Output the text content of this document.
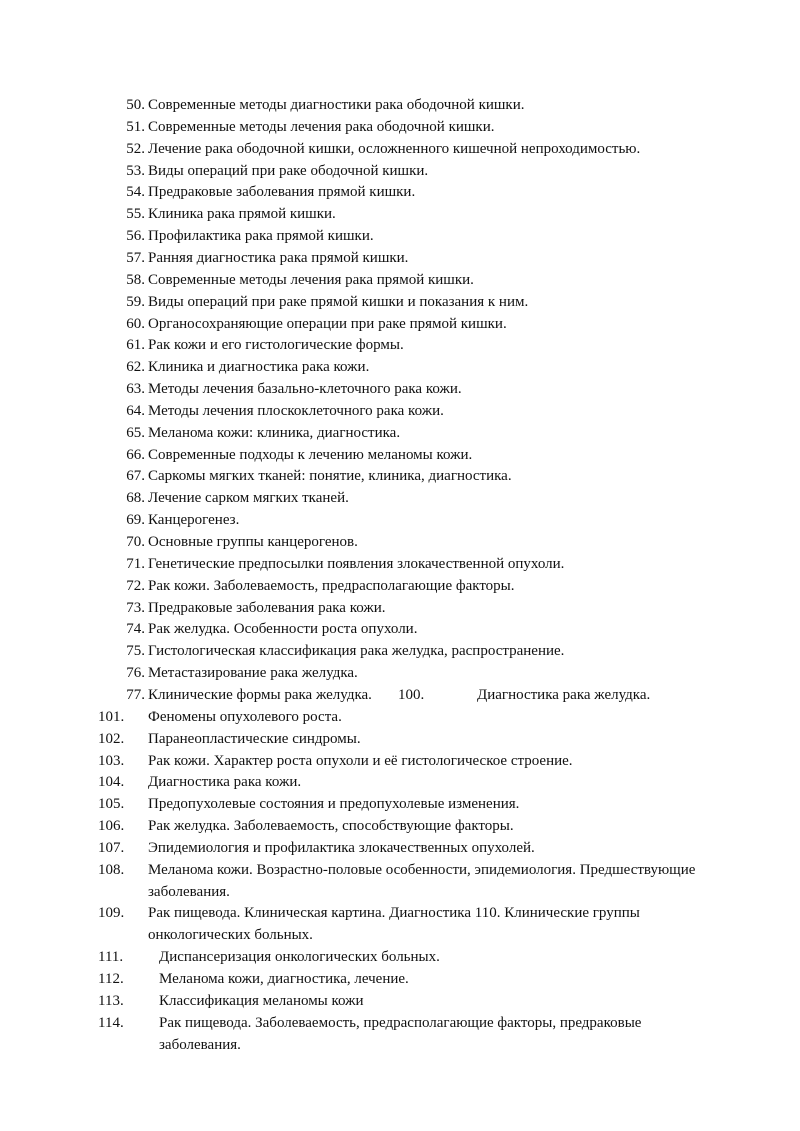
50. Современные методы диагностики рака ободочной кишки.
51. Современные методы лечения рака ободочной кишки.
52. Лечение рака ободочной кишки, осложненного кишечной непроходимостью.
53. Виды операций при раке ободочной кишки.
54. Предраковые заболевания прямой кишки.
55. Клиника рака прямой кишки.
56. Профилактика рака прямой кишки.
57. Ранняя диагностика рака прямой кишки.
58. Современные методы лечения рака прямой кишки.
59. Виды операций при раке прямой кишки и показания к ним.
60. Органосохраняющие операции при раке прямой кишки.
61. Рак кожи и его гистологические формы.
62. Клиника и диагностика рака кожи.
63. Методы лечения базально-клеточного рака кожи.
64. Методы лечения плоскоклеточного рака кожи.
65. Меланома кожи: клиника, диагностика.
66. Современные подходы к лечению меланомы кожи.
67. Саркомы мягких тканей: понятие, клиника, диагностика.
68. Лечение сарком мягких тканей.
69. Канцерогенез.
70. Основные группы канцерогенов.
71. Генетические предпосылки появления злокачественной опухоли.
72. Рак кожи. Заболеваемость, предрасполагающие факторы.
73. Предраковые заболевания рака кожи.
74. Рак желудка. Особенности роста опухоли.
75. Гистологическая классификация рака желудка, распространение.
76. Метастазирование рака желудка.
77. Клинические формы рака желудка. 100.	Диагностика рака желудка.
101. Феномены опухолевого роста.
102. Паранеопластические синдромы.
103. Рак кожи. Характер роста опухоли и её гистологическое строение.
104. Диагностика рака кожи.
105. Предопухолевые состояния и предопухолевые изменения.
106. Рак желудка. Заболеваемость, способствующие факторы.
107. Эпидемиология и профилактика злокачественных опухолей.
108. Меланома кожи. Возрастно-половые особенности, эпидемиология. Предшествующие
заболевания.
109. Рак пищевода. Клиническая картина. Диагностика 110. Клинические группы
онкологических больных.
111. Диспансеризация онкологических больных.
112. Меланома кожи, диагностика, лечение.
113. Классификация меланомы кожи
114. Рак пищевода. Заболеваемость, предрасполагающие факторы, предраковые
заболевания.
